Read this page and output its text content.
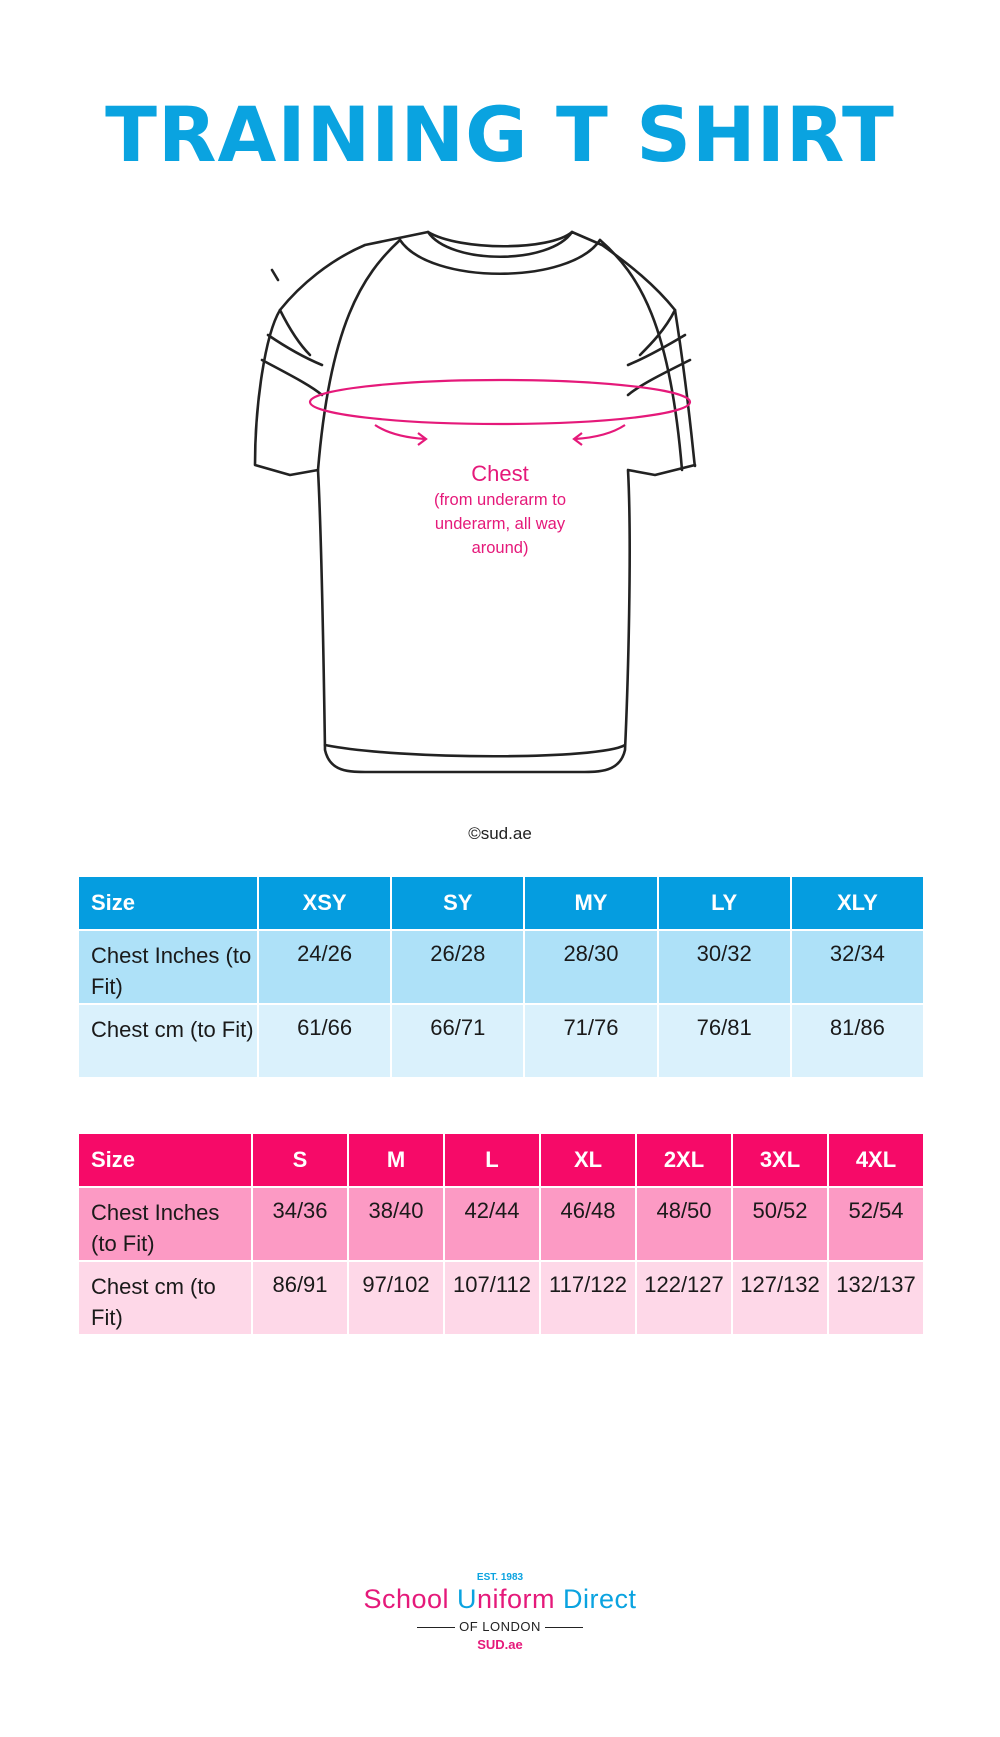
TRAINING T SHIRT
Chest
(from underarm to
underarm, all way
around)
©sud.ae
Size	XSY	SY	MY	LY	XLY
Chest Inches (to Fit)	24/26	26/28	28/30	30/32	32/34
Chest cm (to Fit)	61/66	66/71	71/76	76/81	81/86
Size	S	M	L	XL	2XL	3XL	4XL
Chest Inches (to Fit)	34/36	38/40	42/44	46/48	48/50	50/52	52/54
Chest cm (to Fit)	86/91	97/102	107/112	117/122	122/127	127/132	132/137
EST. 1983
School Uniform Direct
OF LONDON
SUD.ae
